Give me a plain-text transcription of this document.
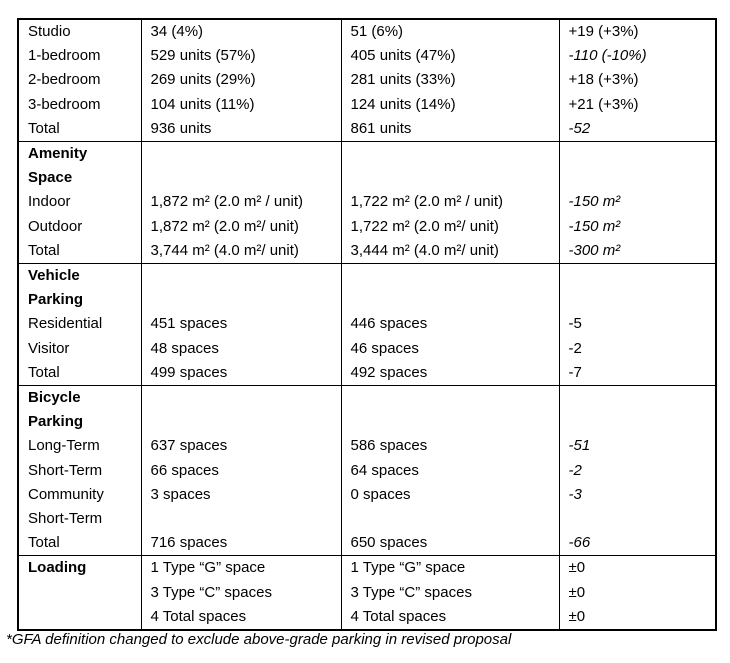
Studio	34 (4%)	51 (6%)	+19 (+3%)
1-bedroom	529 units (57%)	405 units (47%)	-110 (-10%)
2-bedroom	269 units (29%)	281 units (33%)	+18 (+3%)
3-bedroom	104 units (11%)	124 units (14%)	+21 (+3%)
Total	936 units	861 units	-52
Amenity			
Space			
Indoor	1,872 m² (2.0 m² / unit)	1,722 m² (2.0 m² / unit)	-150 m²
Outdoor	1,872 m² (2.0 m²/ unit)	1,722 m² (2.0 m²/ unit)	-150 m²
Total	3,744 m² (4.0 m²/ unit)	3,444 m² (4.0 m²/ unit)	-300 m²
Vehicle			
Parking			
Residential	451 spaces	446 spaces	-5
Visitor	48 spaces	46 spaces	-2
Total	499 spaces	492 spaces	-7
Bicycle			
Parking			
Long-Term	637 spaces	586 spaces	-51
Short-Term	66 spaces	64 spaces	-2
Community	3 spaces	0 spaces	-3
Short-Term			
Total	716 spaces	650 spaces	-66
Loading	1 Type “G” space	1 Type “G” space	±0
	3 Type “C” spaces	3 Type “C” spaces	±0
	4 Total spaces	4 Total spaces	±0
*GFA definition changed to exclude above-grade parking in revised proposal
